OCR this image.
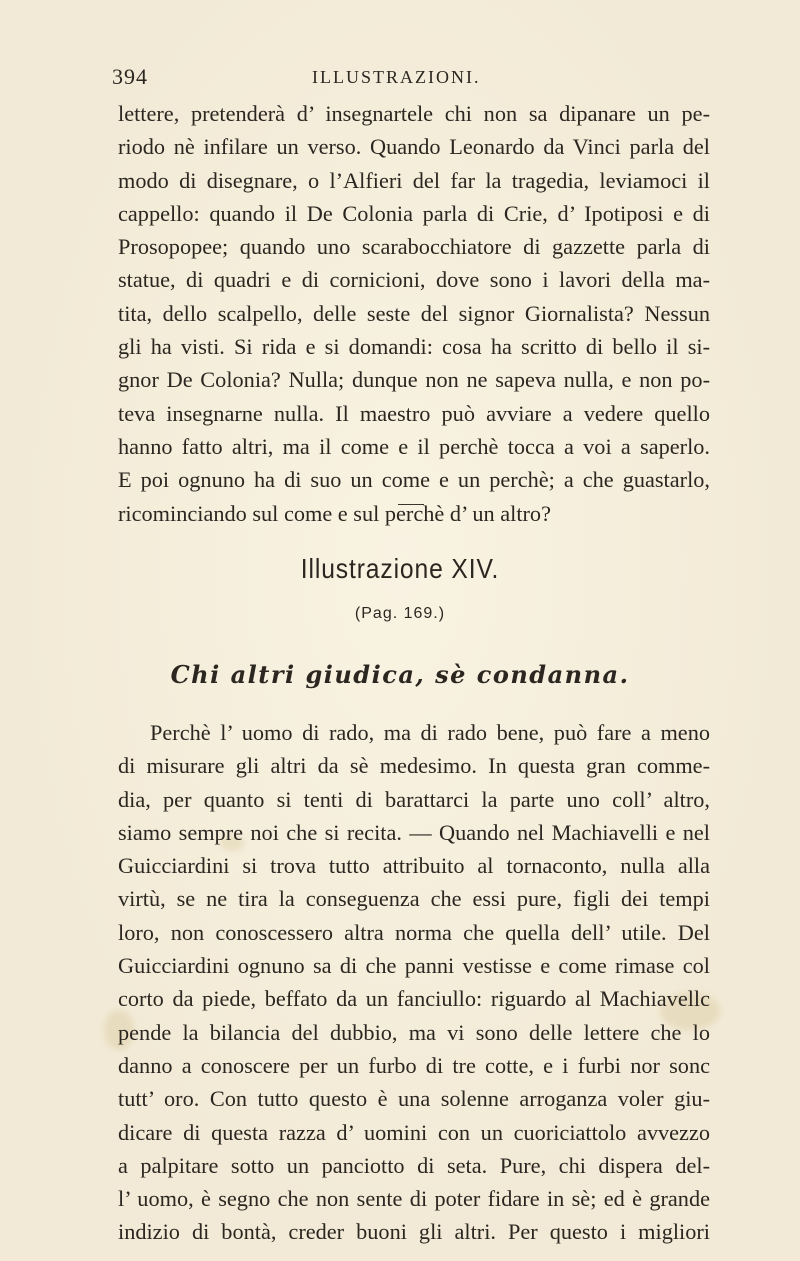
394	ILLUSTRAZIONI.
lettere, pretenderà d’ insegnartele chi non sa dipanare un pe-
riodo nè infilare un verso. Quando Leonardo da Vinci parla del
modo di disegnare, o l’Alfieri del far la tragedia, leviamoci il
cappello: quando il De Colonia parla di Crie, d’ Ipotiposi e di
Prosopopee; quando uno scarabocchiatore di gazzette parla di
statue, di quadri e di cornicioni, dove sono i lavori della ma-
tita, dello scalpello, delle seste del signor Giornalista? Nessun
gli ha visti. Si rida e si domandi: cosa ha scritto di bello il si-
gnor De Colonia? Nulla; dunque non ne sapeva nulla, e non po-
teva insegnarne nulla. Il maestro può avviare a vedere quello
hanno fatto altri, ma il come e il perchè tocca a voi a saperlo.
E poi ognuno ha di suo un come e un perchè; a che guastarlo,
ricominciando sul come e sul perchè d’ un altro?
Illustrazione XIV.
(Pag. 169.)
Chi altri giudica, sè condanna.
Perchè l’ uomo di rado, ma di rado bene, può fare a meno
di misurare gli altri da sè medesimo. In questa gran comme-
dia, per quanto si tenti di barattarci la parte uno coll’ altro,
siamo sempre noi che si recita. — Quando nel Machiavelli e nel
Guicciardini si trova tutto attribuito al tornaconto, nulla alla
virtù, se ne tira la conseguenza che essi pure, figli dei tempi
loro, non conoscessero altra norma che quella dell’ utile. Del
Guicciardini ognuno sa di che panni vestisse e come rimase col
corto da piede, beffato da un fanciullo: riguardo al Machiavellc
pende la bilancia del dubbio, ma vi sono delle lettere che lo
danno a conoscere per un furbo di tre cotte, e i furbi nor sonc
tutt’ oro. Con tutto questo è una solenne arroganza voler giu-
dicare di questa razza d’ uomini con un cuoriciattolo avvezzo
a palpitare sotto un panciotto di seta. Pure, chi dispera del-
l’ uomo, è segno che non sente di poter fidare in sè; ed è grande
indizio di bontà, creder buoni gli altri. Per questo i migliori
